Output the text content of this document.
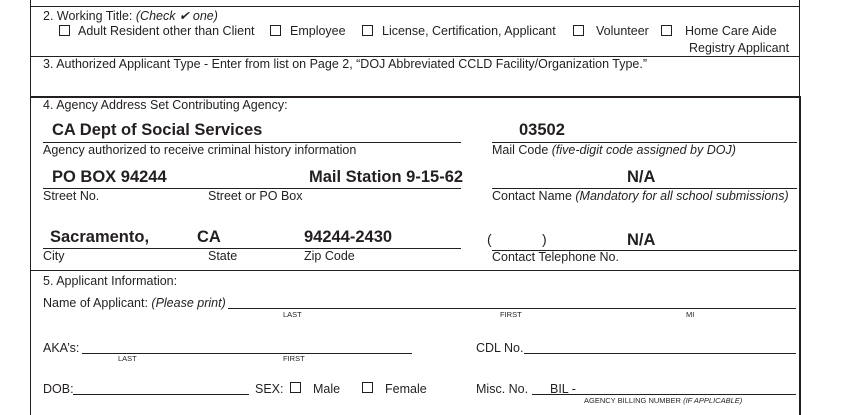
2. Working Title: (Check ✔ one)
Adult Resident other than Client	Employee	License, Certification, Applicant	Volunteer	Home Care Aide
Registry Applicant
3. Authorized Applicant Type - Enter from list on Page 2, “DOJ Abbreviated CCLD Facility/Organization Type.”
4. Agency Address Set Contributing Agency:
CA Dept of Social Services
Agency authorized to receive criminal history information
03502
Mail Code (five-digit code assigned by DOJ)
PO BOX 94244	Mail Station 9-15-62
Street No.	Street or PO Box
N/A
Contact Name (Mandatory for all school submissions)
Sacramento,	CA	94244-2430
City	State	Zip Code
(	)	N/A
Contact Telephone No.
5. Applicant Information:
Name of Applicant: (Please print)
LAST	FIRST	MI
AKA’s:
LAST	FIRST
CDL No.
DOB:	SEX: Male	Female	Misc. No. BIL -
AGENCY BILLING NUMBER (IF APPLICABLE)
